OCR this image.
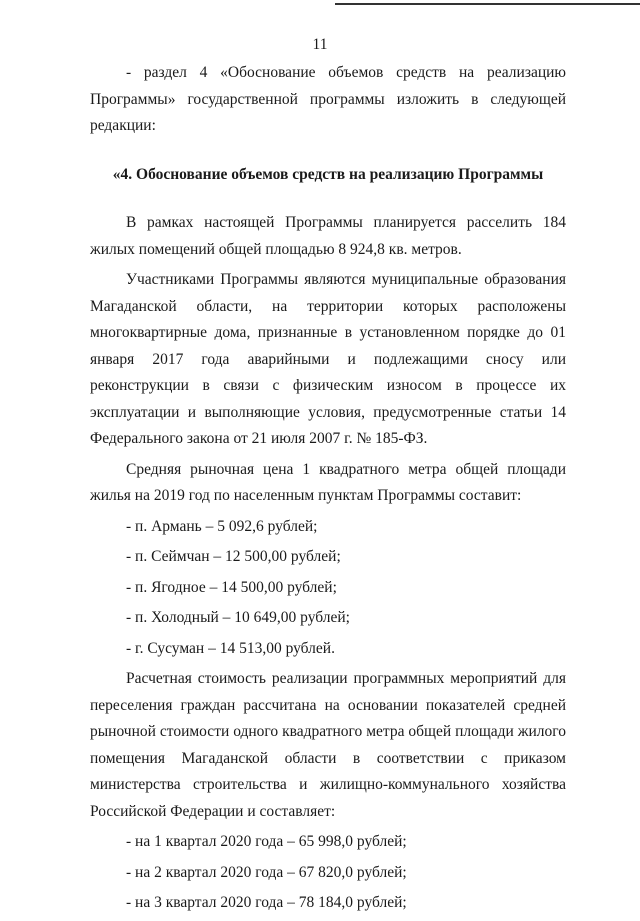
11

- раздел 4 «Обоснование объемов средств на реализацию Программы» государственной программы изложить в следующей редакции:

«4. Обоснование объемов средств на реализацию Программы

В рамках настоящей Программы планируется расселить 184 жилых помещений общей площадью 8 924,8 кв. метров.

Участниками Программы являются муниципальные образования Магаданской области, на территории которых расположены многоквартирные дома, признанные в установленном порядке до 01 января 2017 года аварийными и подлежащими сносу или реконструкции в связи с физическим износом в процессе их эксплуатации и выполняющие условия, предусмотренные статьи 14 Федерального закона от 21 июля 2007 г. № 185-ФЗ.

Средняя рыночная цена 1 квадратного метра общей площади жилья на 2019 год по населенным пунктам Программы составит:

- п. Армань – 5 092,6 рублей;

- п. Сеймчан – 12 500,00 рублей;

- п. Ягодное – 14 500,00 рублей;

- п. Холодный – 10 649,00 рублей;

- г. Сусуман – 14 513,00 рублей.

Расчетная стоимость реализации программных мероприятий для переселения граждан рассчитана на основании показателей средней рыночной стоимости одного квадратного метра общей площади жилого помещения Магаданской области в соответствии с приказом министерства строительства и жилищно-коммунального хозяйства Российской Федерации и составляет:

- на 1 квартал 2020 года – 65 998,0 рублей;

- на 2 квартал 2020 года – 67 820,0 рублей;

- на 3 квартал 2020 года – 78 184,0 рублей;
